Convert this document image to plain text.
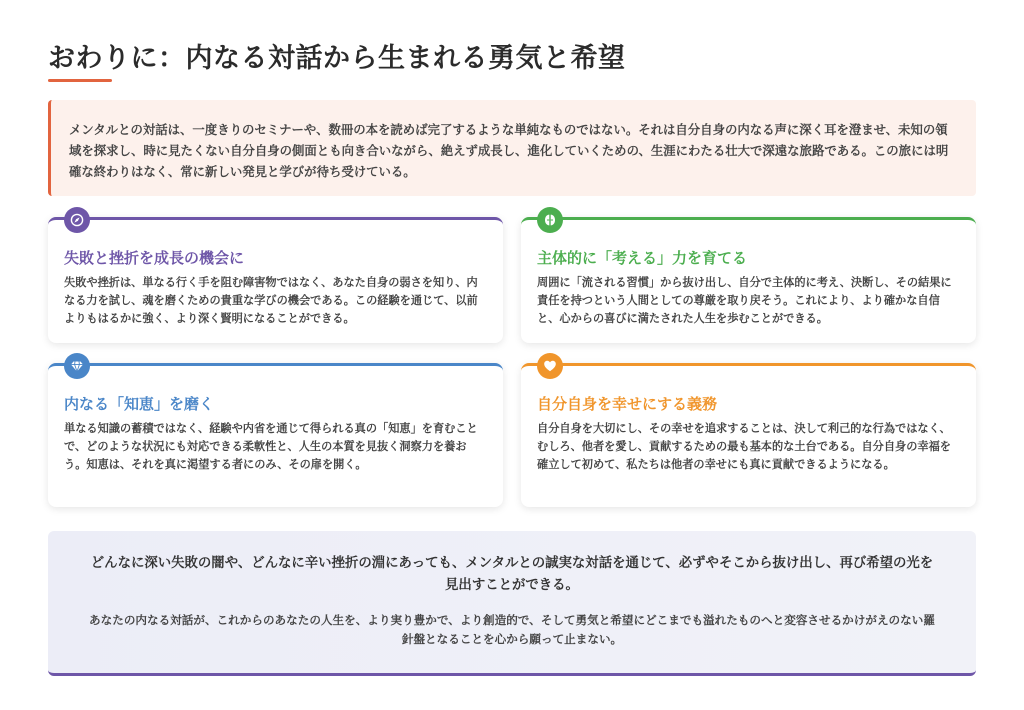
おわりに：内なる対話から生まれる勇気と希望
メンタルとの対話は、一度きりのセミナーや、数冊の本を読めば完了するような単純なものではない。それは自分自身の内なる声に深く耳を澄ませ、未知の領域を探求し、時に見たくない自分自身の側面とも向き合いながら、絶えず成長し、進化していくための、生涯にわたる壮大で深遠な旅路である。この旅には明確な終わりはなく、常に新しい発見と学びが待ち受けている。
失敗と挫折を成長の機会に

失敗や挫折は、単なる行く手を阻む障害物ではなく、あなた自身の弱さを知り、内なる力を試し、魂を磨くための貴重な学びの機会である。この経験を通じて、以前よりもはるかに強く、より深く賢明になることができる。

主体的に「考える」力を育てる

周囲に「流される習慣」から抜け出し、自分で主体的に考え、決断し、その結果に責任を持つという人間としての尊厳を取り戻そう。これにより、より確かな自信と、心からの喜びに満たされた人生を歩むことができる。

内なる「知恵」を磨く

単なる知識の蓄積ではなく、経験や内省を通じて得られる真の「知恵」を育むことで、どのような状況にも対応できる柔軟性と、人生の本質を見抜く洞察力を養おう。知恵は、それを真に渇望する者にのみ、その扉を開く。

自分自身を幸せにする義務

自分自身を大切にし、その幸せを追求することは、決して利己的な行為ではなく、むしろ、他者を愛し、貢献するための最も基本的な土台である。自分自身の幸福を確立して初めて、私たちは他者の幸せにも真に貢献できるようになる。

どんなに深い失敗の闇や、どんなに辛い挫折の淵にあっても、メンタルとの誠実な対話を通じて、必ずやそこから抜け出し、再び希望の光を見出すことができる。

あなたの内なる対話が、これからのあなたの人生を、より実り豊かで、より創造的で、そして勇気と希望にどこまでも溢れたものへと変容させるかけがえのない羅針盤となることを心から願って止まない。
